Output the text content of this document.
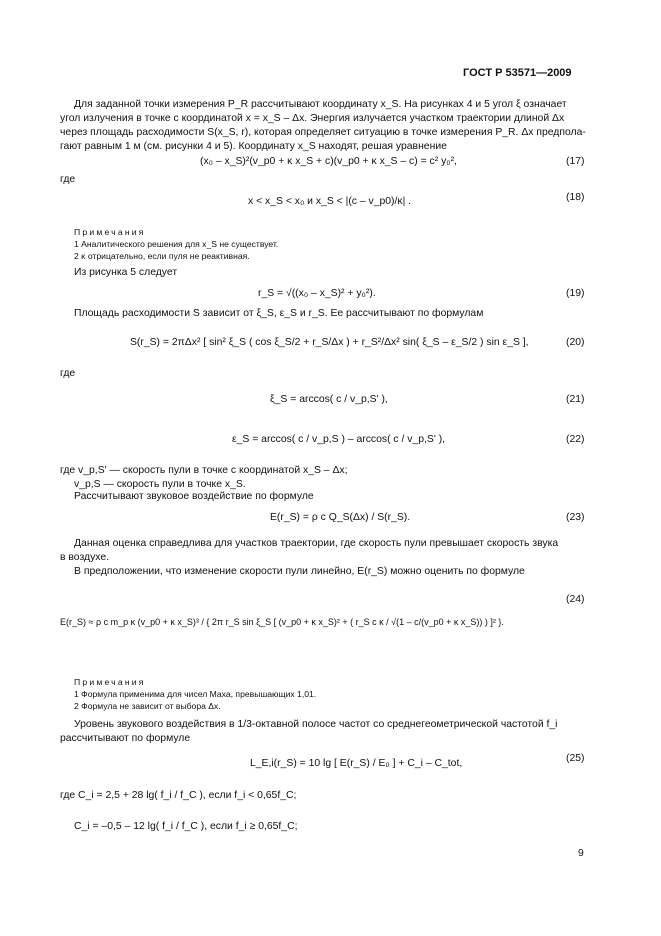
ГОСТ Р 53571—2009
Для заданной точки измерения P_R рассчитывают координату x_S. На рисунках 4 и 5 угол ξ означает
угол излучения в точке с координатой x = x_S – Δx. Энергия излучается участком траектории длиной Δx
через площадь расходимости S(x_S, r), которая определяет ситуацию в точке измерения P_R. Δx предпола-
гают равным 1 м (см. рисунки 4 и 5). Координату x_S находят, решая уравнение
(x₀ – x_S)²(v_p0 + κ x_S + c)(v_p0 + κ x_S – c) = c² y₀²,	(17)
где
x < x_S < x₀ и x_S < |(c – v_p0)/κ| .	(18)
Примечания
1 Аналитического решения для x_S не существует.
2 κ отрицательно, если пуля не реактивная.
Из рисунка 5 следует
r_S = √((x₀ – x_S)² + y₀²).	(19)
Площадь расходимости S зависит от ξ_S, ε_S и r_S. Ее рассчитывают по формулам
S(r_S) = 2πΔx² [ sin² ξ_S ( cos ξ_S/2 + r_S/Δx ) + r_S²/Δx² sin( ξ_S – ε_S/2 ) sin ε_S ],	(20)
где
ξ_S = arccos( c / v_p,S' ),	(21)
ε_S = arccos( c / v_p,S ) – arccos( c / v_p,S' ),	(22)
где v_p,S' — скорость пули в точке с координатой x_S – Δx;
v_p,S — скорость пули в точке x_S.
Рассчитывают звуковое воздействие по формуле
E(r_S) = ρ c Q_S(Δx) / S(r_S).	(23)
Данная оценка справедлива для участков траектории, где скорость пули превышает скорость звука
в воздухе.
В предположении, что изменение скорости пули линейно, E(r_S) можно оценить по формуле
E(r_S) ≈ ρ c m_p κ (v_p0 + κ x_S)³ / { 2π r_S sin ξ_S [ (v_p0 + κ x_S)² + ( r_S c κ / √(1 – c/(v_p0 + κ x_S)) ) ]² }.
(24)
Примечания
1 Формула применима для чисел Маха, превышающих 1,01.
2 Формула не зависит от выбора Δx.
Уровень звукового воздействия в 1/3-октавной полосе частот со среднегеометрической частотой f_i
рассчитывают по формуле
L_E,i(r_S) = 10 lg [ E(r_S) / E₀ ] + C_i – C_tot,	(25)
где C_i = 2,5 + 28 lg( f_i / f_C ), если f_i < 0,65f_C;
C_i = –0,5 – 12 lg( f_i / f_C ), если f_i ≥ 0,65f_C;
9
